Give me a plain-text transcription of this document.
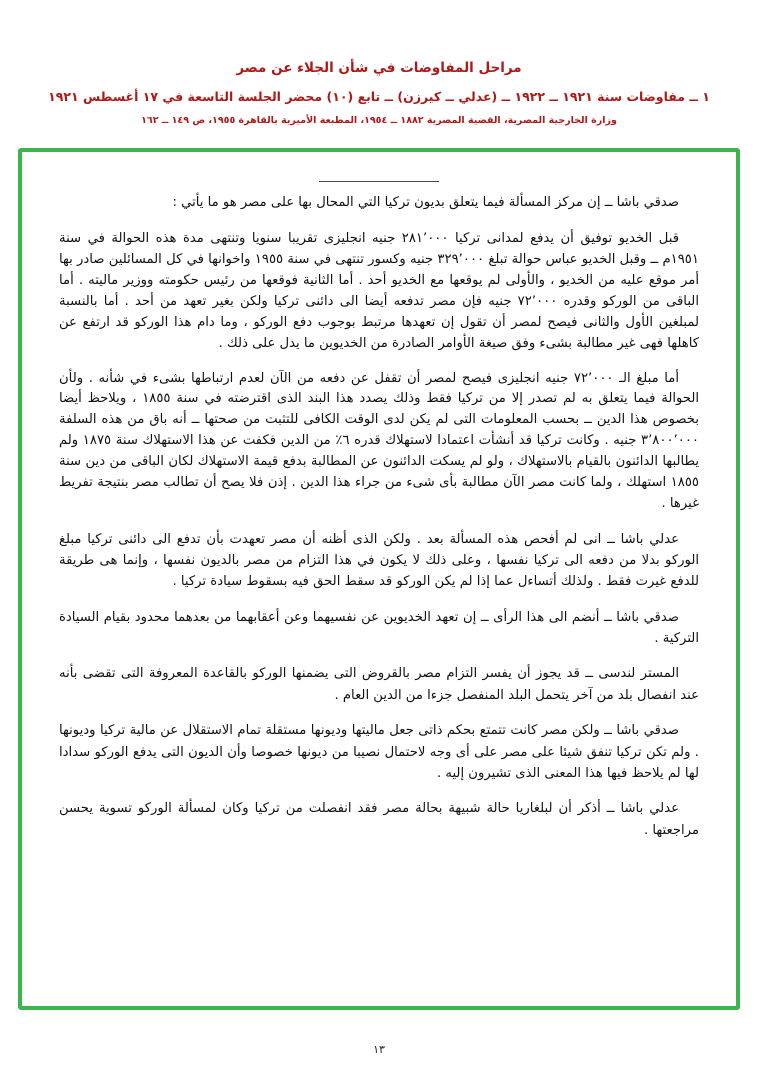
مراحل المفاوضات في شأن الجلاء عن مصر
١ ــ مفاوضات سنة ١٩٢١ ــ ١٩٢٢ ــ (عدلي ــ كيرزن) ــ تابع (١٠) محضر الجلسة التاسعة في ١٧ أغسطس ١٩٢١
وزارة الخارجية المصرية، القضية المصرية ١٨٨٢ ــ ١٩٥٤، المطبعة الأميرية بالقاهرة ١٩٥٥، ص ١٤٩ ــ ١٦٢

صدقي باشا ــ إن مركز المسألة فيما يتعلق بديون تركيا التي المحال بها على مصر هو ما يأتي :

قبل الخديو توفيق أن يدفع لمدانى تركيا ٢٨١٬٠٠٠ جنيه انجليزى تقريبا سنويا وتنتهى مدة هذه الحوالة في سنة ١٩٥١م ــ وقبل الخديو عباس حوالة تبلغ ٣٢٩٬٠٠٠ جنيه وكسور تنتهى في سنة ١٩٥٥ واخوانها في كل المسائلين صادر بها أمر موقع عليه من الخديو ، والأولى لم يوقعها مع الخديو أحد . أما الثانية فوقعها من رئيس حكومته ووزير ماليته . أما الباقى من الوركو وقدره ٧٢٬٠٠٠ جنيه فإن مصر تدفعه أيضا الى دائنى تركيا ولكن بغير تعهد من أحد . أما بالنسبة لمبلغين الأول والثانى فيصح لمصر أن تقول إن تعهدها مرتبط بوجوب دفع الوركو ، وما دام هذا الوركو قد ارتفع عن كاهلها فهى غير مطالبة بشىء وفق صيغة الأوامر الصادرة من الخديوين ما يدل على ذلك .

أما مبلغ الـ ٧٢٬٠٠٠ جنيه انجليزى فيصح لمصر أن تقفل عن دفعه من الآن لعدم ارتباطها بشىء في شأنه . ولأن الحوالة فيما يتعلق به لم تصدر إلا من تركيا فقط وذلك يصدد هذا البند الذى اقترضته في سنة ١٨٥٥ ، ويلاحظ أيضا بخصوص هذا الدين ــ بحسب المعلومات التى لم يكن لدى الوقت الكافى للتثبت من صحتها ــ أنه باق من هذه السلفة ٣٬٨٠٠٬٠٠٠ جنيه . وكانت تركيا قد أنشأت اعتمادا لاستهلاك قدره ٦٪ من الدين فكفت عن هذا الاستهلاك سنة ١٨٧٥ ولم يطالبها الدائنون بالقيام بالاستهلاك ، ولو لم يسكت الدائنون عن المطالبة بدفع قيمة الاستهلاك لكان الباقى من دين سنة ١٨٥٥ استهلك ، ولما كانت مصر الآن مطالبة بأى شىء من جراء هذا الدين . إذن فلا يصح أن تطالب مصر بنتيجة تفريط غيرها .

عدلي باشا ــ انى لم أفحص هذه المسألة بعد . ولكن الذى أظنه أن مصر تعهدت بأن تدفع الى دائنى تركيا مبلغ الوركو بدلا من دفعه الى تركيا نفسها ، وعلى ذلك لا يكون في هذا التزام من مصر بالديون نفسها ، وإنما هى طريقة للدفع غيرت فقط . ولذلك أتساءل عما إذا لم يكن الوركو قد سقط الحق فيه بسقوط سيادة تركيا .

صدقي باشا ــ أنضم الى هذا الرأى ــ إن تعهد الخديوين عن نفسيهما وعن أعقابهما من بعدهما محدود بقيام السيادة التركية .

المستر لندسى ــ قد يجوز أن يفسر التزام مصر بالقروض التى يضمنها الوركو بالقاعدة المعروفة التى تقضى بأنه عند انفصال بلد من آخر يتحمل البلد المنفصل جزءا من الدين العام .

صدقي باشا ــ ولكن مصر كانت تتمتع بحكم ذاتى جعل ماليتها وديونها مستقلة تمام الاستقلال عن مالية تركيا وديونها . ولم تكن تركيا تنفق شيئا على مصر على أى وجه لاحتمال نصيبا من ديونها خصوصا وأن الديون التى يدفع الوركو سدادا لها لم يلاحظ فيها هذا المعنى الذى تشيرون إليه .

عدلي باشا ــ أذكر أن لبلغاريا حالة شبيهة بحالة مصر فقد انفصلت من تركيا وكان لمسألة الوركو تسوية يحسن مراجعتها .

١٣
